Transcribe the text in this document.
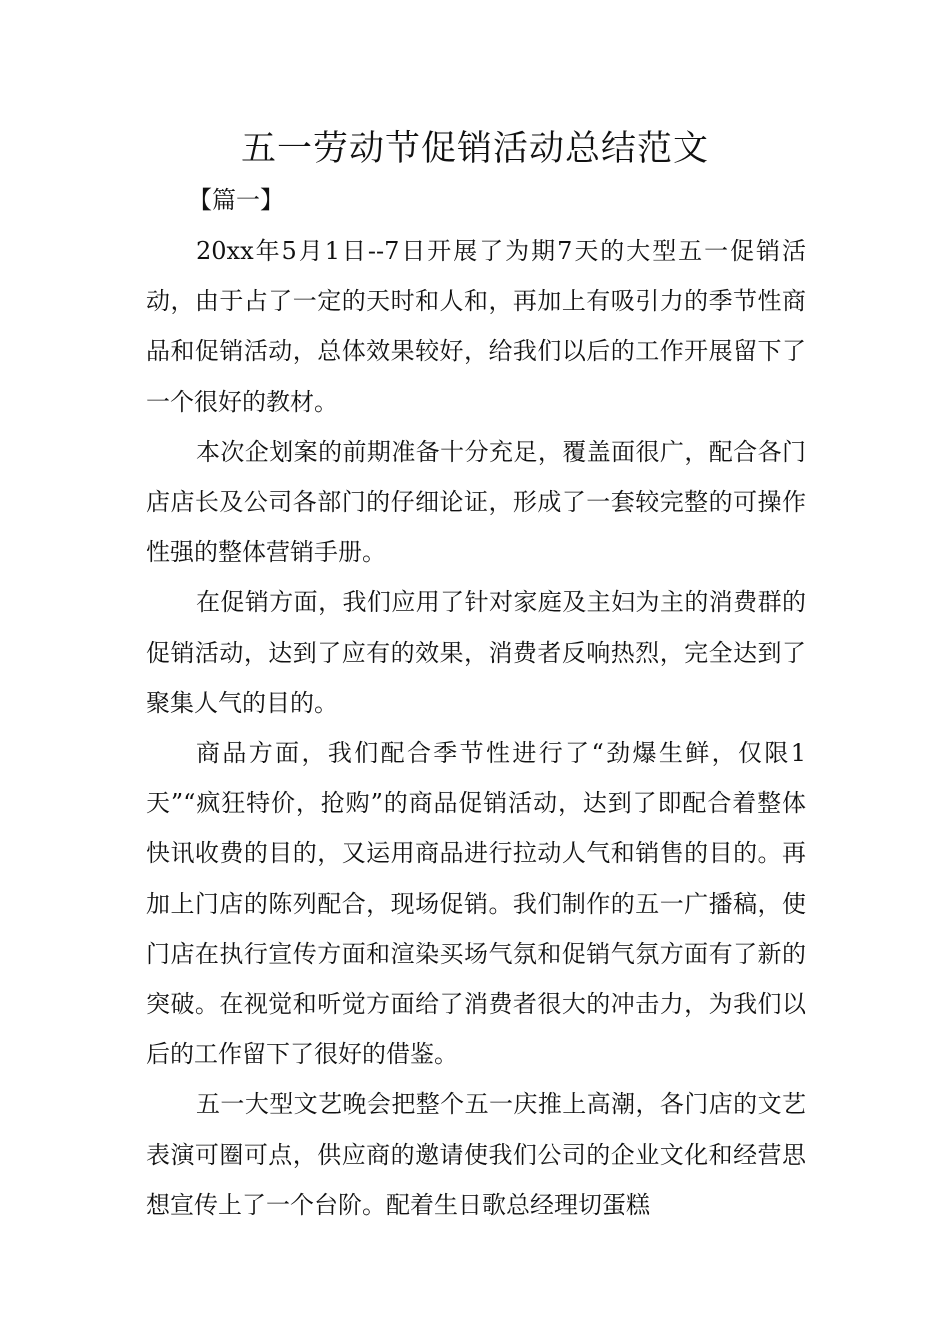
五一劳动节促销活动总结范文
【篇一】

20xx年5月1日--7日开展了为期7天的大型五一促销活动，由于占了一定的天时和人和，再加上有吸引力的季节性商品和促销活动，总体效果较好，给我们以后的工作开展留下了一个很好的教材。

本次企划案的前期准备十分充足，覆盖面很广，配合各门店店长及公司各部门的仔细论证，形成了一套较完整的可操作性强的整体营销手册。

在促销方面，我们应用了针对家庭及主妇为主的消费群的促销活动，达到了应有的效果，消费者反响热烈，完全达到了聚集人气的目的。

商品方面，我们配合季节性进行了“劲爆生鲜，仅限1天”“疯狂特价，抢购”的商品促销活动，达到了即配合着整体快讯收费的目的，又运用商品进行拉动人气和销售的目的。再加上门店的陈列配合，现场促销。我们制作的五一广播稿，使门店在执行宣传方面和渲染买场气氛和促销气氛方面有了新的突破。在视觉和听觉方面给了消费者很大的冲击力，为我们以后的工作留下了很好的借鉴。

五一大型文艺晚会把整个五一庆推上高潮，各门店的文艺表演可圈可点，供应商的邀请使我们公司的企业文化和经营思想宣传上了一个台阶。配着生日歌总经理切蛋糕
